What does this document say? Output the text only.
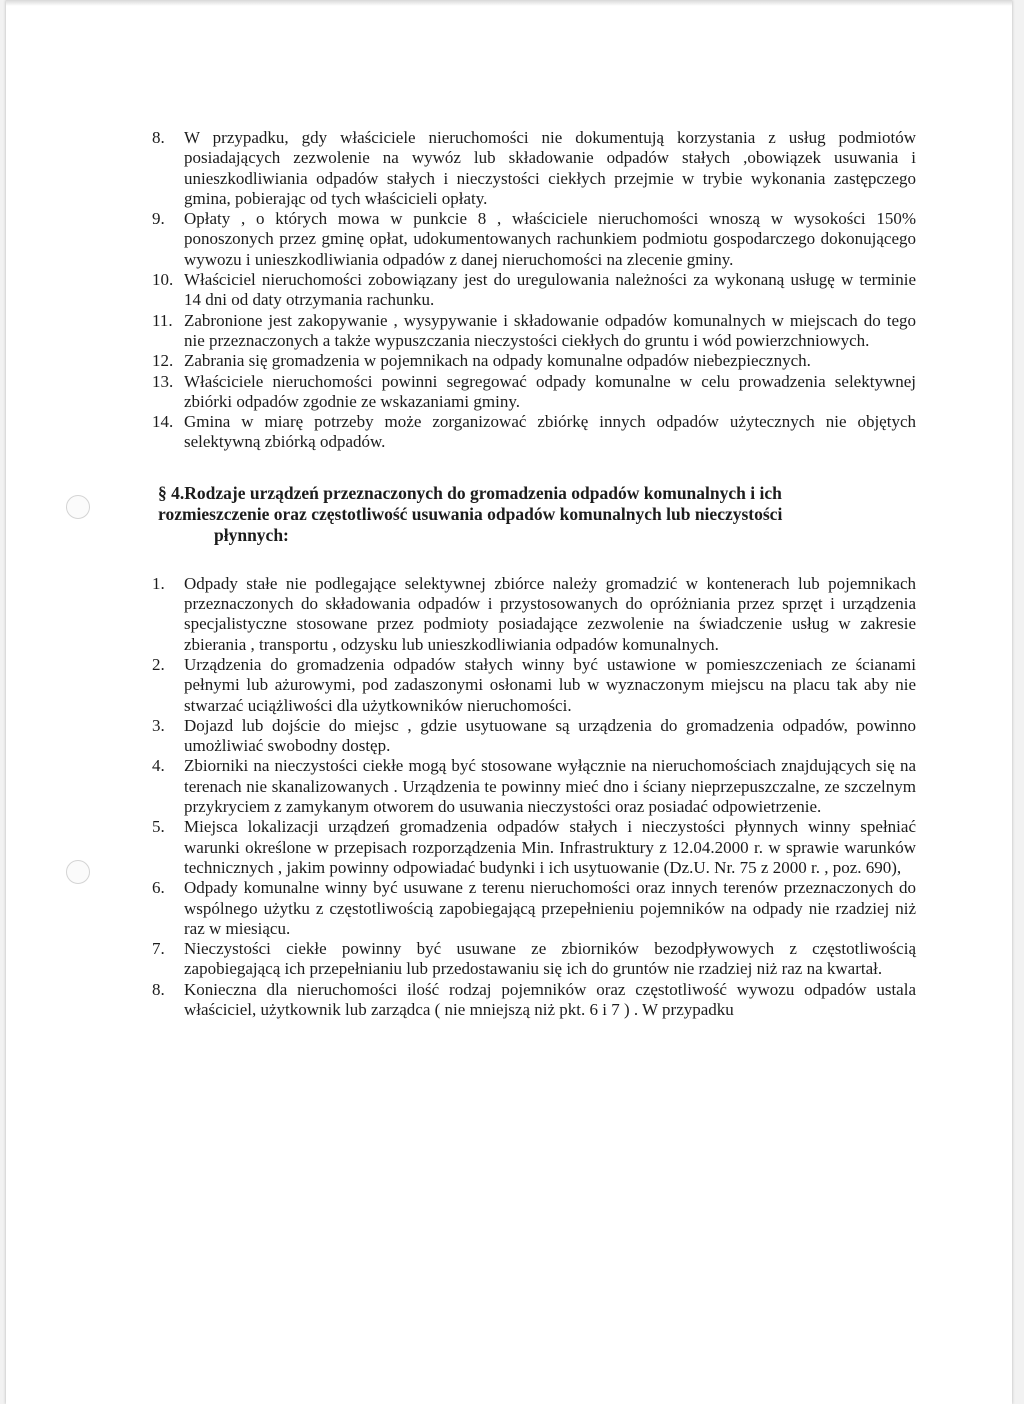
8.	W przypadku, gdy właściciele nieruchomości nie dokumentują korzystania z usług podmiotów posiadających zezwolenie na wywóz lub składowanie odpadów stałych ,obowiązek usuwania i unieszkodliwiania odpadów stałych i nieczystości ciekłych przejmie w trybie wykonania zastępczego gmina, pobierając od tych właścicieli opłaty.
9.	Opłaty , o których mowa w punkcie 8 , właściciele nieruchomości wnoszą w wysokości 150% ponoszonych przez gminę opłat, udokumentowanych rachunkiem podmiotu gospodarczego dokonującego wywozu i unieszkodliwiania odpadów z danej nieruchomości na zlecenie gminy.
10. Właściciel nieruchomości zobowiązany jest do uregulowania należności za wykonaną usługę w terminie 14 dni od daty otrzymania rachunku.
11. Zabronione jest zakopywanie , wysypywanie i składowanie odpadów komunalnych w miejscach do tego nie przeznaczonych a także wypuszczania nieczystości ciekłych do gruntu i wód powierzchniowych.
12. Zabrania się gromadzenia w pojemnikach na odpady komunalne odpadów niebezpiecznych.
13. Właściciele nieruchomości powinni segregować odpady komunalne w celu prowadzenia selektywnej zbiórki odpadów zgodnie ze wskazaniami gminy.
14. Gmina w miarę potrzeby może zorganizować zbiórkę innych odpadów użytecznych nie objętych selektywną zbiórką odpadów.
§ 4.Rodzaje urządzeń przeznaczonych do gromadzenia odpadów komunalnych i ich
rozmieszczenie oraz częstotliwość usuwania odpadów komunalnych lub nieczystości
płynnych:
1.	Odpady stałe nie podlegające selektywnej zbiórce należy gromadzić w kontenerach lub pojemnikach przeznaczonych do składowania odpadów i przystosowanych do opróżniania przez sprzęt i urządzenia specjalistyczne stosowane przez podmioty posiadające zezwolenie na świadczenie usług w zakresie zbierania , transportu , odzysku lub unieszkodliwiania odpadów komunalnych.
2.	Urządzenia do gromadzenia odpadów stałych winny być ustawione w pomieszczeniach ze ścianami pełnymi lub ażurowymi, pod zadaszonymi osłonami lub w wyznaczonym miejscu na placu tak aby nie stwarzać uciążliwości dla użytkowników nieruchomości.
3.	Dojazd lub dojście do miejsc , gdzie usytuowane są urządzenia do gromadzenia odpadów, powinno umożliwiać swobodny dostęp.
4.	Zbiorniki na nieczystości ciekłe mogą być stosowane wyłącznie na nieruchomościach znajdujących się na terenach nie skanalizowanych . Urządzenia te powinny mieć dno i ściany nieprzepuszczalne, ze szczelnym przykryciem z zamykanym otworem do usuwania nieczystości oraz posiadać odpowietrzenie.
5.	Miejsca lokalizacji urządzeń gromadzenia odpadów stałych i nieczystości płynnych winny spełniać warunki określone w przepisach rozporządzenia Min. Infrastruktury z 12.04.2000 r. w sprawie warunków technicznych , jakim powinny odpowiadać budynki i ich usytuowanie (Dz.U. Nr. 75 z 2000 r. , poz. 690),
6.	Odpady komunalne winny być usuwane z terenu nieruchomości oraz innych terenów przeznaczonych do wspólnego użytku z częstotliwością zapobiegającą przepełnieniu pojemników na odpady nie rzadziej niż raz w miesiącu.
7.	Nieczystości ciekłe powinny być usuwane ze zbiorników bezodpływowych z częstotliwością zapobiegającą ich przepełnianiu lub przedostawaniu się ich do gruntów nie rzadziej niż raz na kwartał.
8.	Konieczna dla nieruchomości ilość rodzaj pojemników oraz częstotliwość wywozu odpadów ustala właściciel, użytkownik lub zarządca ( nie mniejszą niż pkt. 6 i 7 ) . W przypadku
